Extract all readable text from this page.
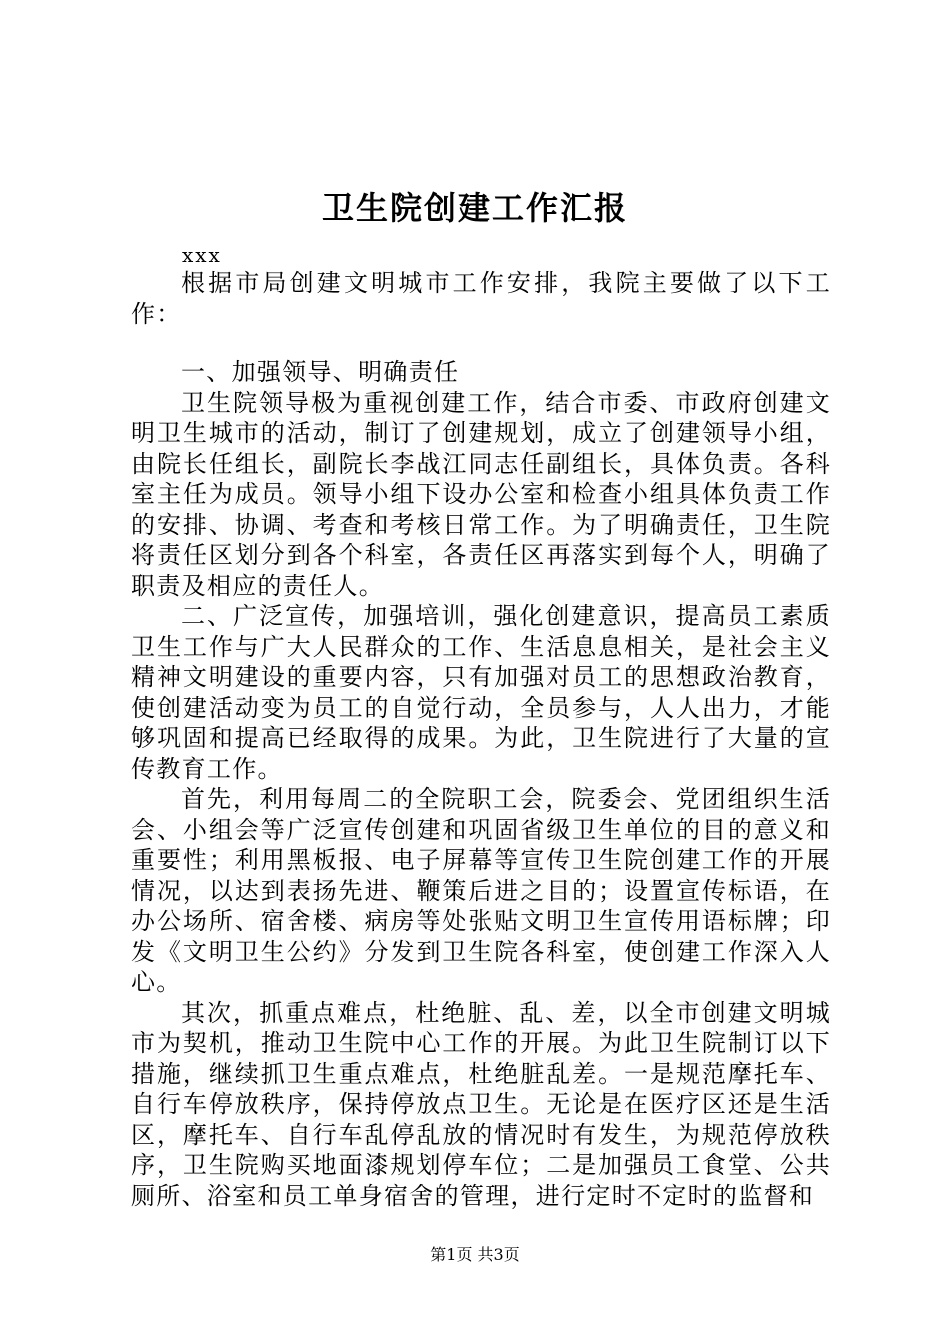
卫生院创建工作汇报
xxx

根据市局创建文明城市工作安排，我院主要做了以下工作：

一、加强领导、明确责任

卫生院领导极为重视创建工作，结合市委、市政府创建文明卫生城市的活动，制订了创建规划，成立了创建领导小组，由院长任组长，副院长李战江同志任副组长，具体负责。各科室主任为成员。领导小组下设办公室和检查小组具体负责工作的安排、协调、考查和考核日常工作。为了明确责任，卫生院将责任区划分到各个科室，各责任区再落实到每个人，明确了职责及相应的责任人。

二、广泛宣传，加强培训，强化创建意识，提高员工素质卫生工作与广大人民群众的工作、生活息息相关，是社会主义精神文明建设的重要内容，只有加强对员工的思想政治教育，使创建活动变为员工的自觉行动，全员参与，人人出力，才能够巩固和提高已经取得的成果。为此，卫生院进行了大量的宣传教育工作。

首先，利用每周二的全院职工会，院委会、党团组织生活会、小组会等广泛宣传创建和巩固省级卫生单位的目的意义和重要性；利用黑板报、电子屏幕等宣传卫生院创建工作的开展情况，以达到表扬先进、鞭策后进之目的；设置宣传标语，在办公场所、宿舍楼、病房等处张贴文明卫生宣传用语标牌；印发《文明卫生公约》分发到卫生院各科室，使创建工作深入人心。

其次，抓重点难点，杜绝脏、乱、差，以全市创建文明城市为契机，推动卫生院中心工作的开展。为此卫生院制订以下措施，继续抓卫生重点难点，杜绝脏乱差。一是规范摩托车、自行车停放秩序，保持停放点卫生。无论是在医疗区还是生活区，摩托车、自行车乱停乱放的情况时有发生，为规范停放秩序，卫生院购买地面漆规划停车位；二是加强员工食堂、公共厕所、浴室和员工单身宿舍的管理，进行定时不定时的监督和

第1页 共3页
